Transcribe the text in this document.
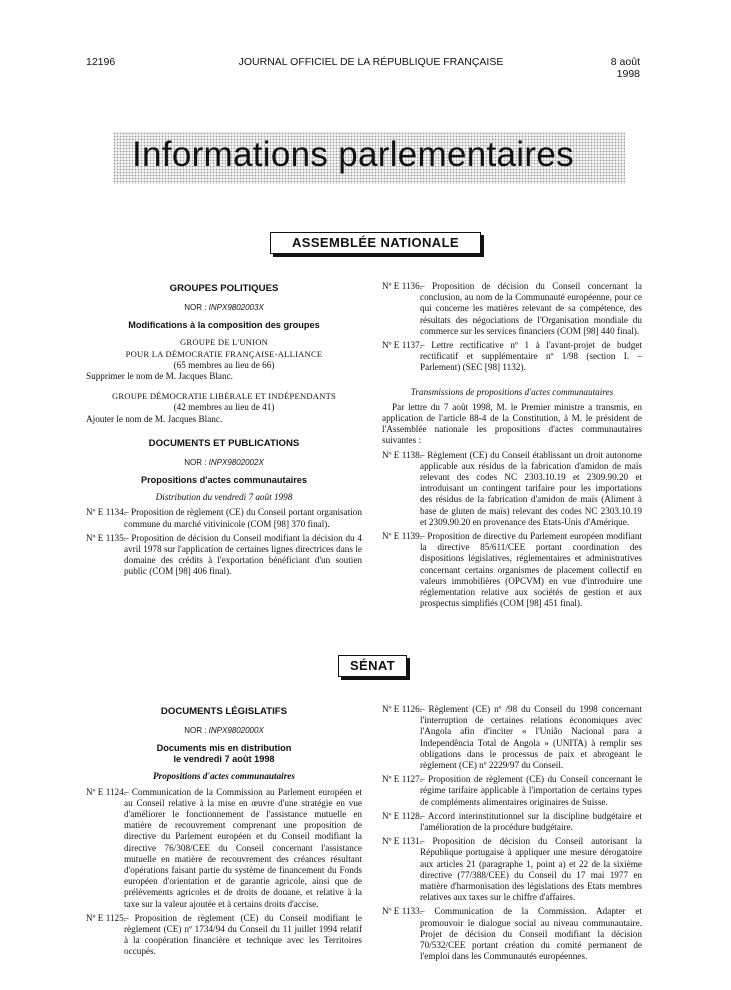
12196	JOURNAL OFFICIEL DE LA RÉPUBLIQUE FRANÇAISE	8 août 1998
Informations parlementaires
ASSEMBLÉE NATIONALE

GROUPES POLITIQUES

NOR : INPX9802003X

Modifications à la composition des groupes

GROUPE DE L'UNION

POUR LA DÉMOCRATIE FRANÇAISE-ALLIANCE

(65 membres au lieu de 66)

Supprimer le nom de M. Jacques Blanc.

GROUPE DÉMOCRATIE LIBÉRALE ET INDÉPENDANTS

(42 membres au lieu de 41)

Ajouter le nom de M. Jacques Blanc.

DOCUMENTS ET PUBLICATIONS

NOR : INPX9802002X

Propositions d'actes communautaires

Distribution du vendredi 7 août 1998

Nº E 1134.
– Proposition de règlement (CE) du Conseil portant organisation commune du marché vitivinicole (COM [98] 370 final).
Nº E 1135.
– Proposition de décision du Conseil modifiant la décision du 4 avril 1978 sur l'application de certaines lignes directrices dans le domaine des crédits à l'exportation bénéficiant d'un soutien public (COM [98] 406 final).
Nº E 1136.
– Proposition de décision du Conseil concernant la conclusion, au nom de la Communauté européenne, pour ce qui concerne les matières relevant de sa compétence, des résultats des négociations de l'Organisation mondiale du commerce sur les services financiers (COM [98] 440 final).
Nº E 1137.
– Lettre rectificative nº 1 à l'avant-projet de budget rectificatif et supplémentaire nº 1/98 (section I. – Parlement) (SEC [98] 1132).

Transmissions de propositions d'actes communautaires

Par lettre du 7 août 1998, M. le Premier ministre a transmis, en application de l'article 88-4 de la Constitution, à M. le président de l'Assemblée nationale les propositions d'actes communautaires suivantes :

Nº E 1138.
– Règlement (CE) du Conseil établissant un droit autonome applicable aux résidus de la fabrication d'amidon de maïs relevant des codes NC 2303.10.19 et 2309.90.20 et introduisant un contingent tarifaire pour les importations des résidus de la fabrication d'amidon de maïs (Aliment à base de gluten de maïs) relevant des codes NC 2303.10.19 et 2309.90.20 en provenance des Etats-Unis d'Amérique.
Nº E 1139.
– Proposition de directive du Parlement européen modifiant la directive 85/611/CEE portant coordination des dispositions législatives, réglementaires et administratives concernant certains organismes de placement collectif en valeurs immobilières (OPCVM) en vue d'introduire une réglementation relative aux sociétés de gestion et aux prospectus simplifiés (COM [98] 451 final).
SÉNAT

DOCUMENTS LÉGISLATIFS

NOR : INPX9802000X

Documents mis en distribution

le vendredi 7 août 1998

Propositions d'actes communautaires

Nº E 1124.
– Communication de la Commission au Parlement européen et au Conseil relative à la mise en œuvre d'une stratégie en vue d'améliorer le fonctionnement de l'assistance mutuelle en matière de recouvrement comprenant une proposition de directive du Parlement européen et du Conseil modifiant la directive 76/308/CEE du Conseil concernant l'assistance mutuelle en matière de recouvrement des créances résultant d'opérations faisant partie du système de financement du Fonds européen d'orientation et de garantie agricole, ainsi que de prélèvements agricoles et de droits de douane, et relative à la taxe sur la valeur ajoutée et à certains droits d'accise.
Nº E 1125.
– Proposition de règlement (CE) du Conseil modifiant le règlement (CE) nº 1734/94 du Conseil du 11 juillet 1994 relatif à la coopération financière et technique avec les Territoires occupés.
Nº E 1126.
– Règlement (CE) nº /98 du Conseil du 1998 concernant l'interruption de certaines relations économiques avec l'Angola afin d'inciter « l'União Nacional para a Independência Total de Angola » (UNITA) à remplir ses obligations dans le processus de paix et abrogeant le règlement (CE) nº 2229/97 du Conseil.
Nº E 1127.
– Proposition de règlement (CE) du Conseil concernant le régime tarifaire applicable à l'importation de certains types de compléments alimentaires originaires de Suisse.
Nº E 1128.
– Accord interinstitutionnel sur la discipline budgétaire et l'amélioration de la procédure budgétaire.
Nº E 1131.
– Proposition de décision du Conseil autorisant la République portugaise à appliquer une mesure dérogatoire aux articles 21 (paragraphe 1, point a) et 22 de la sixième directive (77/388/CEE) du Conseil du 17 mai 1977 en matière d'harmonisation des législations des Etats membres relatives aux taxes sur le chiffre d'affaires.
Nº E 1133.
– Communication de la Commission. Adapter et promouvoir le dialogue social au niveau communautaire. Projet de décision du Conseil modifiant la décision 70/532/CEE portant création du comité permanent de l'emploi dans les Communautés européennes.
